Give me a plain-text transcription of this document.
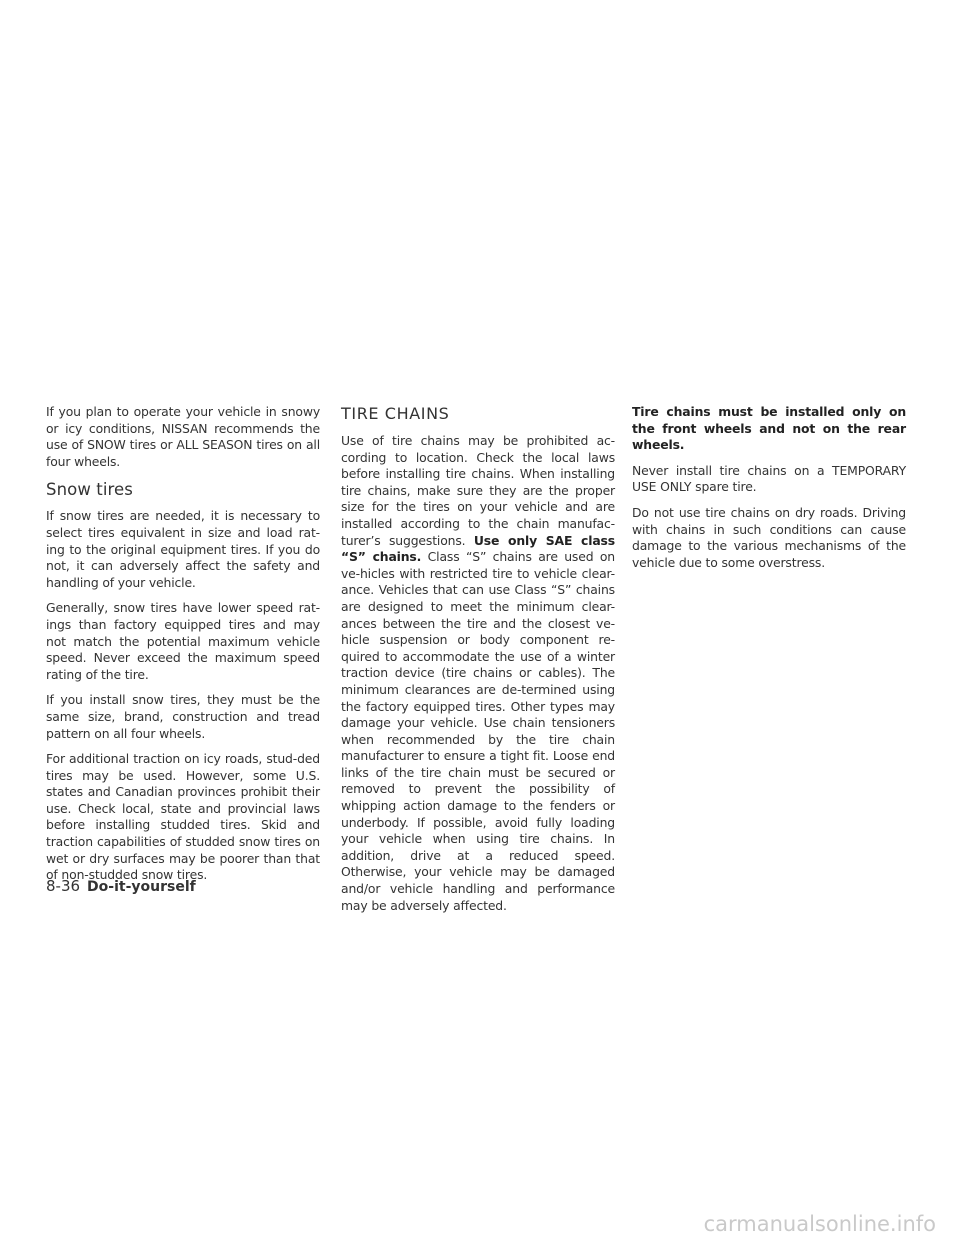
If you plan to operate your vehicle in snowy or icy conditions, NISSAN recommends the use of SNOW tires or ALL SEASON tires on all four wheels.

Snow tires

If snow tires are needed, it is necessary to select tires equivalent in size and load rat-ing to the original equipment tires. If you do not, it can adversely affect the safety and handling of your vehicle.

Generally, snow tires have lower speed rat-ings than factory equipped tires and may not match the potential maximum vehicle speed. Never exceed the maximum speed rating of the tire.

If you install snow tires, they must be the same size, brand, construction and tread pattern on all four wheels.

For additional traction on icy roads, stud-ded tires may be used. However, some U.S. states and Canadian provinces prohibit their use. Check local, state and provincial laws before installing studded tires. Skid and traction capabilities of studded snow tires on wet or dry surfaces may be poorer than that of non-studded snow tires.

TIRE CHAINS

Use of tire chains may be prohibited ac-cording to location. Check the local laws before installing tire chains. When installing tire chains, make sure they are the proper size for the tires on your vehicle and are installed according to the chain manufac-turer’s suggestions. Use only SAE class “S” chains. Class “S” chains are used on ve-hicles with restricted tire to vehicle clear-ance. Vehicles that can use Class “S” chains are designed to meet the minimum clear-ances between the tire and the closest ve-hicle suspension or body component re-quired to accommodate the use of a winter traction device (tire chains or cables). The minimum clearances are de-termined using the factory equipped tires. Other types may damage your vehicle. Use chain tensioners when recommended by the tire chain manufacturer to ensure a tight fit. Loose end links of the tire chain must be secured or removed to prevent the possibility of whipping action damage to the fenders or underbody. If possible, avoid fully loading your vehicle when using tire chains. In addition, drive at a reduced speed. Otherwise, your vehicle may be damaged and/or vehicle handling and performance may be adversely affected.

Tire chains must be installed only on the front wheels and not on the rear wheels.

Never install tire chains on a TEMPORARY USE ONLY spare tire.

Do not use tire chains on dry roads. Driving with chains in such conditions can cause damage to the various mechanisms of the vehicle due to some overstress.

8-36 Do-it-yourself
carmanualsonline.info
